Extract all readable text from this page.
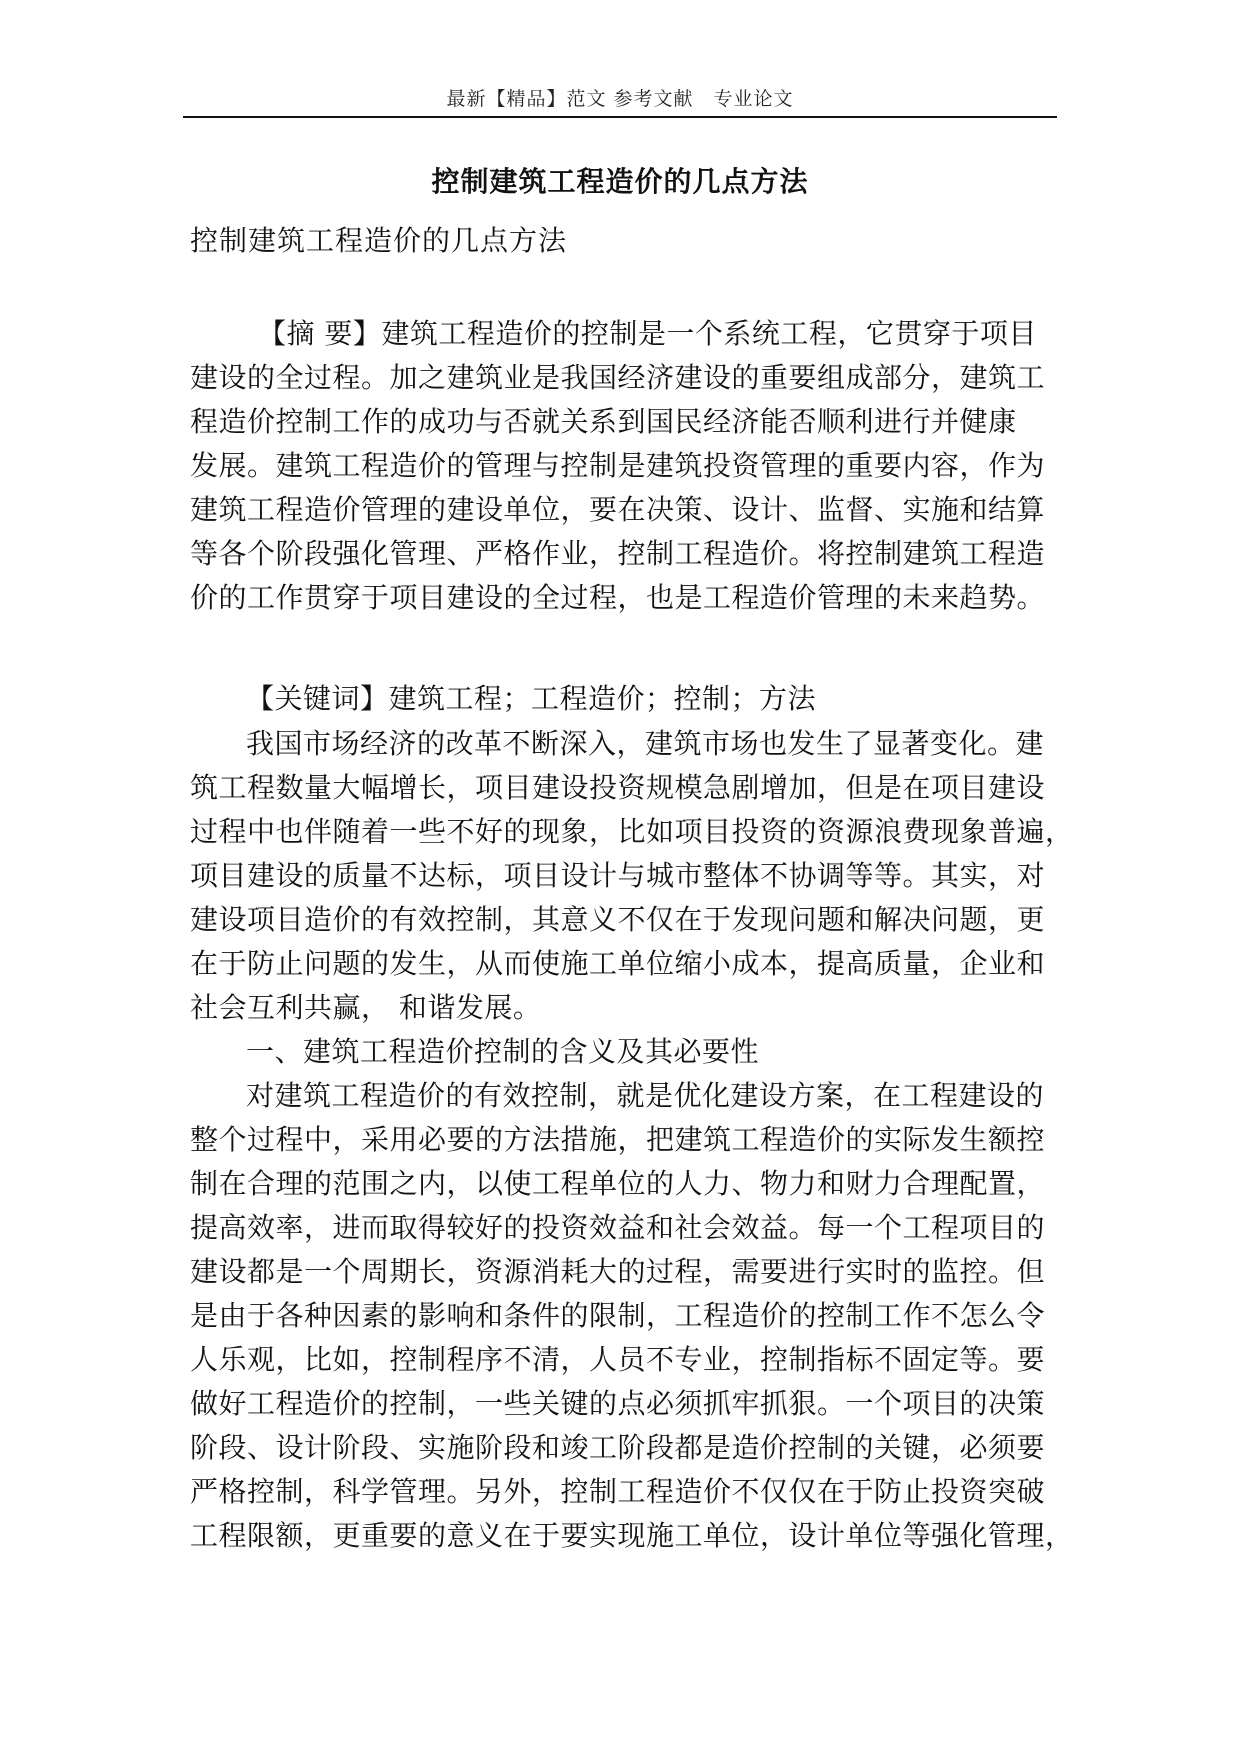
最新【精品】范文 参考文献　专业论文
控制建筑工程造价的几点方法
控制建筑工程造价的几点方法
【摘 要】建筑工程造价的控制是一个系统工程，它贯穿于项目
建设的全过程。加之建筑业是我国经济建设的重要组成部分，建筑工
程造价控制工作的成功与否就关系到国民经济能否顺利进行并健康
发展。建筑工程造价的管理与控制是建筑投资管理的重要内容，作为
建筑工程造价管理的建设单位，要在决策、设计、监督、实施和结算
等各个阶段强化管理、严格作业，控制工程造价。将控制建筑工程造
价的工作贯穿于项目建设的全过程，也是工程造价管理的未来趋势。
【关键词】建筑工程；工程造价；控制；方法
我国市场经济的改革不断深入，建筑市场也发生了显著变化。建
筑工程数量大幅增长，项目建设投资规模急剧增加，但是在项目建设
过程中也伴随着一些不好的现象，比如项目投资的资源浪费现象普遍，
项目建设的质量不达标，项目设计与城市整体不协调等等。其实，对
建设项目造价的有效控制，其意义不仅在于发现问题和解决问题，更
在于防止问题的发生，从而使施工单位缩小成本，提高质量，企业和
社会互利共赢， 和谐发展。
一、建筑工程造价控制的含义及其必要性
对建筑工程造价的有效控制，就是优化建设方案，在工程建设的
整个过程中，采用必要的方法措施，把建筑工程造价的实际发生额控
制在合理的范围之内，以使工程单位的人力、物力和财力合理配置，
提高效率，进而取得较好的投资效益和社会效益。每一个工程项目的
建设都是一个周期长，资源消耗大的过程，需要进行实时的监控。但
是由于各种因素的影响和条件的限制，工程造价的控制工作不怎么令
人乐观，比如，控制程序不清，人员不专业，控制指标不固定等。要
做好工程造价的控制，一些关键的点必须抓牢抓狠。一个项目的决策
阶段、设计阶段、实施阶段和竣工阶段都是造价控制的关键，必须要
严格控制，科学管理。另外，控制工程造价不仅仅在于防止投资突破
工程限额，更重要的意义在于要实现施工单位，设计单位等强化管理，
